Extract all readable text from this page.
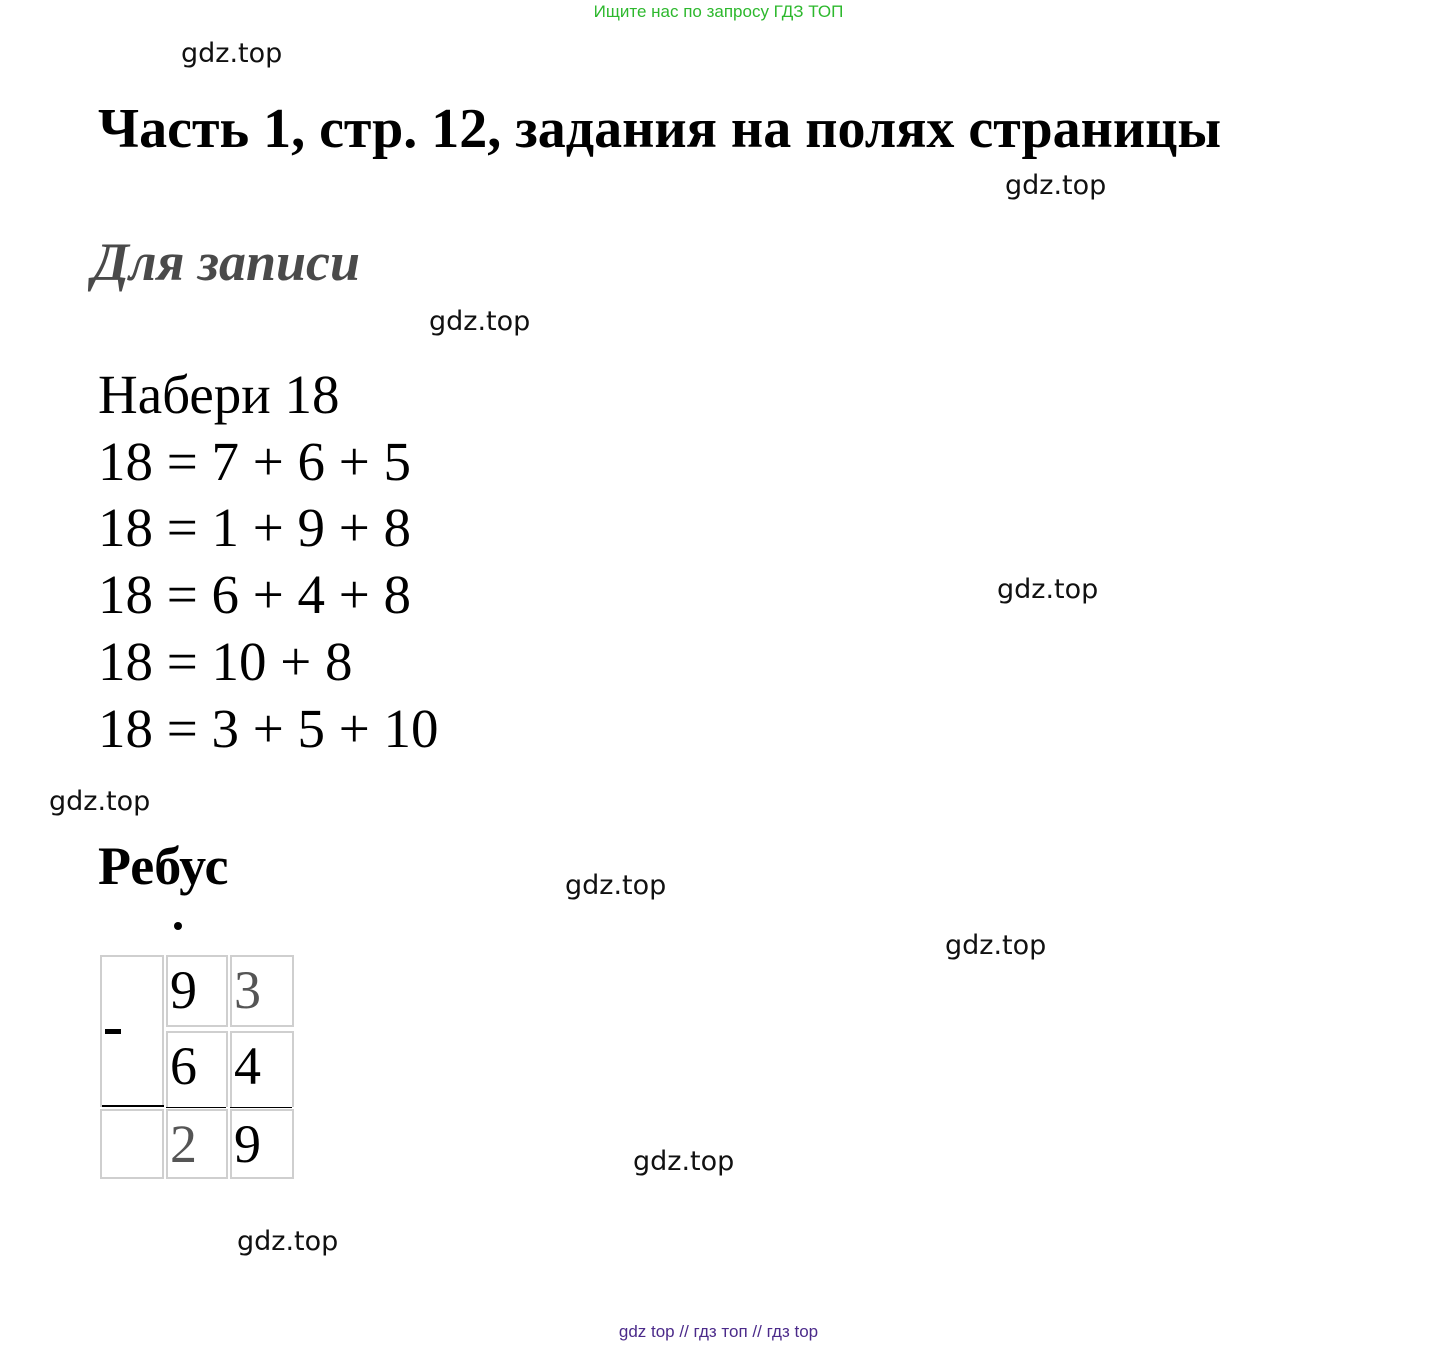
Ищите нас по запросу ГДЗ ТОП
gdz.top
Часть 1, стр. 12, задания на полях страницы
gdz.top
Для записи
gdz.top
Набери 18
18 = 7 + 6 + 5
18 = 1 + 9 + 8
18 = 6 + 4 + 8
18 = 10 + 8
18 = 3 + 5 + 10
gdz.top
gdz.top
Ребус	gdz.top
gdz.top
9 3
6 4
2 9	gdz.top
gdz.top
gdz top // гдз топ // гдз top
